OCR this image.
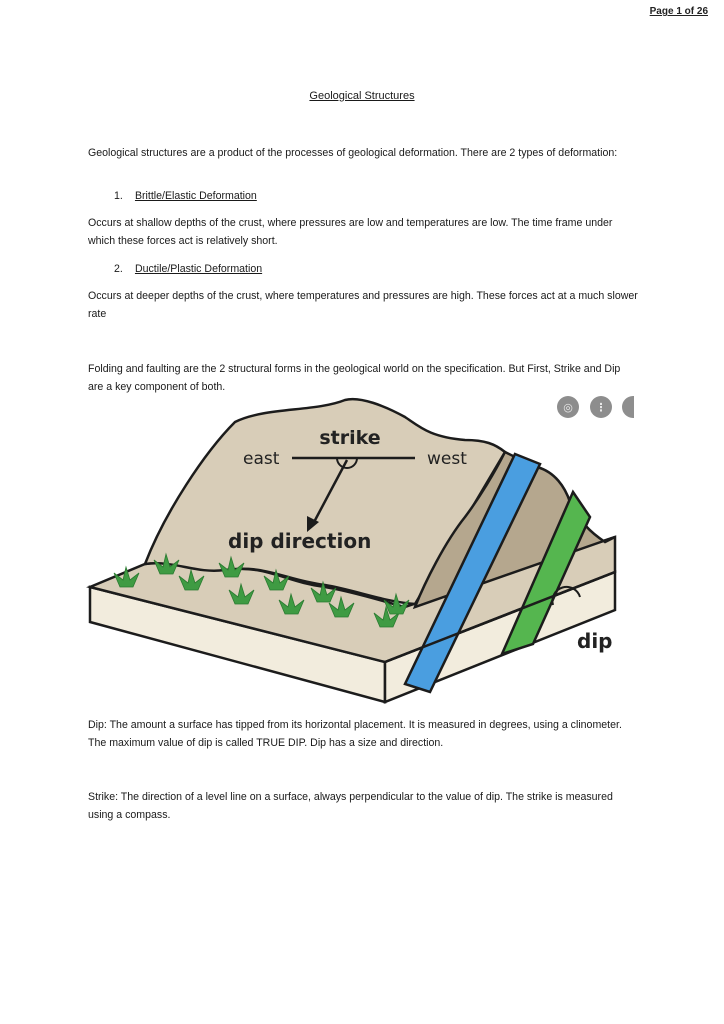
Page 1 of 26
Geological Structures
Geological structures are a product of the processes of geological deformation. There are 2 types of deformation:
1. Brittle/Elastic Deformation
Occurs at shallow depths of the crust, where pressures are low and temperatures are low. The time frame under which these forces act is relatively short.
2. Ductile/Plastic Deformation
Occurs at deeper depths of the crust, where temperatures and pressures are high. These forces act at a much slower rate
Folding and faulting are the 2 structural forms in the geological world on the specification. But First, Strike and Dip are a key component of both.
strike
east	west
dip direction
dip
◎	⋮
Dip: The amount a surface has tipped from its horizontal placement. It is measured in degrees, using a clinometer. The maximum value of dip is called TRUE DIP. Dip has a size and direction.
Strike: The direction of a level line on a surface, always perpendicular to the value of dip. The strike is measured using a compass.
